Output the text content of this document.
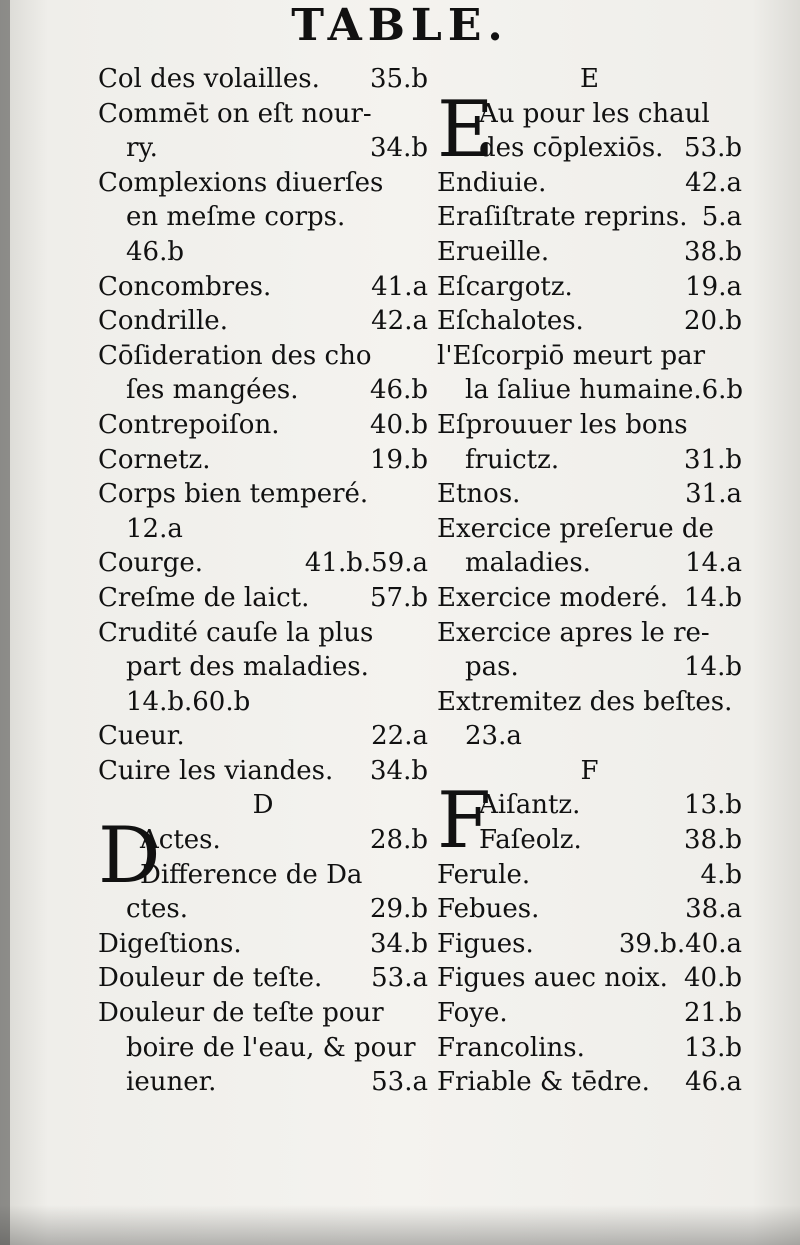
TABLE.
Col des volailles. 35.b
Commēt on eſt nour-
ry.	34.b
Complexions diuerſes
en meſme corps.
46.b
Concombres.	41.a
Condrille.	42.a
Cōſideration des cho
ſes mangées.	46.b
Contrepoiſon.	40.b
Cornetz.	19.b
Corps bien temperé.
12.a
Courge.	41.b.59.a
Creſme de laict. 57.b
Crudité cauſe la plus
part des maladies.
14.b.60.b
Cueur.	22.a
Cuire les viandes. 34.b
D
D
Actes.	28.b
Difference de Da
ctes.	29.b
Digeſtions.	34.b
Douleur de teſte. 53.a
Douleur de teſte pour
boire de l'eau, & pour
ieuner.	53.a
E
E
Au pour les chaul
des cōplexiōs. 53.b
Endiuie.	42.a
Eraſiſtrate reprins. 5.a
Erueille.	38.b
Eſcargotz.	19.a
Eſchalotes.	20.b
l'Eſcorpiō meurt par
la ſaliue humaine. 6.b
Eſprouuer les bons
fruictz.	31.b
Etnos.	31.a
Exercice preſerue de
maladies.	14.a
Exercice moderé. 14.b
Exercice apres le re-
pas.	14.b
Extremitez des beſtes.
23.a
F
F
Aiſantz.	13.b
Faſeolz.	38.b
Ferule.	4.b
Febues.	38.a
Figues.	39.b.40.a
Figues auec noix. 40.b
Foye.	21.b
Francolins.	13.b
Friable & tēdre. 46.a
